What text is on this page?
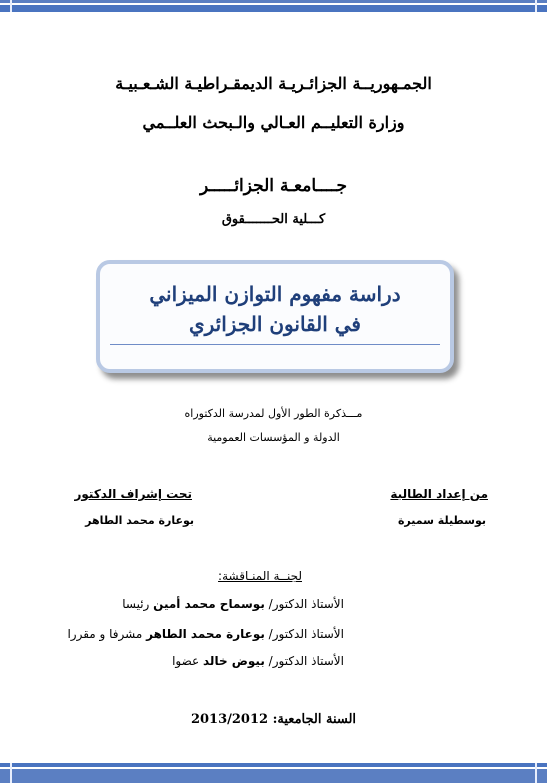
الجمـهوريــة الجزائـريـة الديمقـراطيـة الشـعـبيـة
وزارة التعليــم العـالي والـبحث العلــمي
جــــامعـة الجزائـــــر
كـــلية الحـــــــقوق
دراسة مفهوم التوازن الميزاني
في القانون الجزائري
مـــذكرة الطور الأول لمدرسة الدكتوراه
الدولة و المؤسسات العمومية
من إعداد الطالبة
بوسطيلة سميرة
تحت إشراف الدكتور
بوعارة محمد الطاهر
لجنــة المنـاقشة:
الأستاذ الدكتور/ بوسماح محمد أمين رئيسا
الأستاذ الدكتور/ بوعارة محمد الطاهر مشرفا و مقررا
الأستاذ الدكتور/ بيوض خالد عضوا
السنة الجامعية: 2013/2012
